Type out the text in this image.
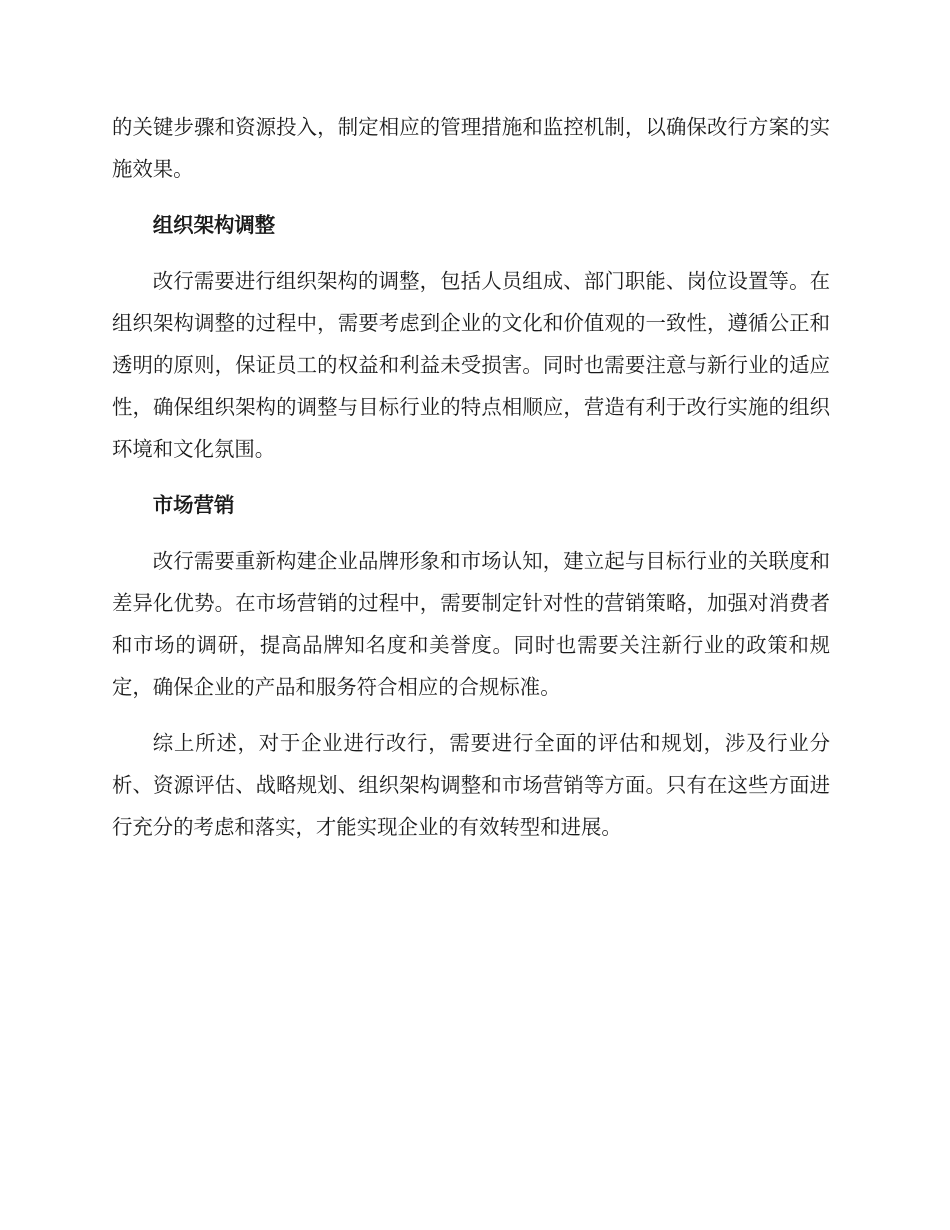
的关键步骤和资源投入，制定相应的管理措施和监控机制，以确保改行方案的实施效果。

组织架构调整

改行需要进行组织架构的调整，包括人员组成、部门职能、岗位设置等。在组织架构调整的过程中，需要考虑到企业的文化和价值观的一致性，遵循公正和透明的原则，保证员工的权益和利益未受损害。同时也需要注意与新行业的适应性，确保组织架构的调整与目标行业的特点相顺应，营造有利于改行实施的组织环境和文化氛围。

市场营销

改行需要重新构建企业品牌形象和市场认知，建立起与目标行业的关联度和差异化优势。在市场营销的过程中，需要制定针对性的营销策略，加强对消费者和市场的调研，提高品牌知名度和美誉度。同时也需要关注新行业的政策和规定，确保企业的产品和服务符合相应的合规标准。

综上所述，对于企业进行改行，需要进行全面的评估和规划，涉及行业分析、资源评估、战略规划、组织架构调整和市场营销等方面。只有在这些方面进行充分的考虑和落实，才能实现企业的有效转型和进展。
